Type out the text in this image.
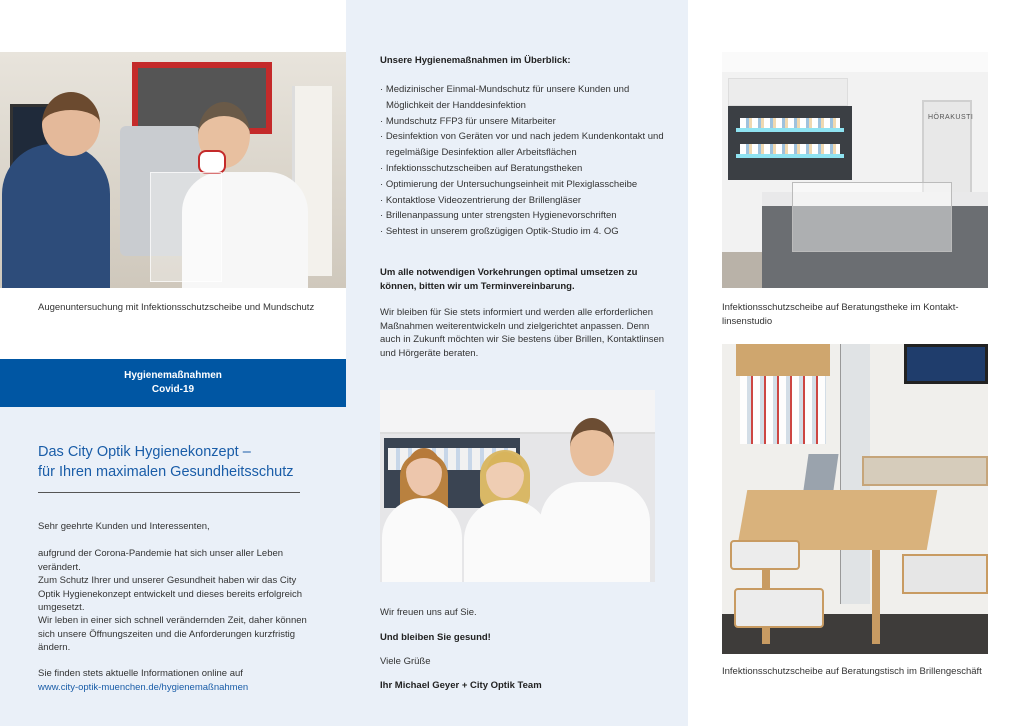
Augenuntersuchung mit Infektionsschutzscheibe und Mundschutz
Hygienemaßnahmen
Covid-19
Das City Optik Hygienekonzept –
für Ihren maximalen Gesundheitsschutz
Sehr geehrte Kunden und Interessenten,
aufgrund der Corona-Pandemie hat sich unser aller Leben verändert.
Zum Schutz Ihrer und unserer Gesundheit haben wir das City Optik Hygienekonzept entwickelt und dieses bereits erfolgreich umgesetzt.
Wir leben in einer sich schnell verändernden Zeit, daher können sich unsere Öffnungszeiten und die Anforderungen kurzfristig ändern.
Sie finden stets aktuelle Informationen online auf
www.city-optik-muenchen.de/hygienemaßnahmen
Unsere Hygienemaßnahmen im Überblick:
· Medizinischer Einmal-Mundschutz für unsere Kunden und Möglichkeit der Handdesinfektion
· Mundschutz FFP3 für unsere Mitarbeiter
· Desinfektion von Geräten vor und nach jedem Kundenkontakt und regelmäßige Desinfektion aller Arbeitsflächen
· Infektionsschutzscheiben auf Beratungstheken
· Optimierung der Untersuchungseinheit mit Plexiglasscheibe
· Kontaktlose Videozentrierung der Brillengläser
· Brillenanpassung unter strengsten Hygienevorschriften
· Sehtest in unserem großzügigen Optik-Studio im 4. OG
Um alle notwendigen Vorkehrungen optimal umsetzen zu können, bitten wir um Terminvereinbarung.
Wir bleiben für Sie stets informiert und werden alle erforderlichen Maßnahmen weiterentwickeln und zielgerichtet anpassen. Denn auch in Zukunft möchten wir Sie bestens über Brillen, Kontaktlinsen und Hörgeräte beraten.
Wir freuen uns auf Sie.
Und bleiben Sie gesund!
Viele Grüße
Ihr Michael Geyer + City Optik Team
HÖRAKUSTI
Infektionsschutzscheibe auf Beratungstheke im Kontaktlinsenstudio
Infektionsschutzscheibe auf Beratungstisch im Brillengeschäft
